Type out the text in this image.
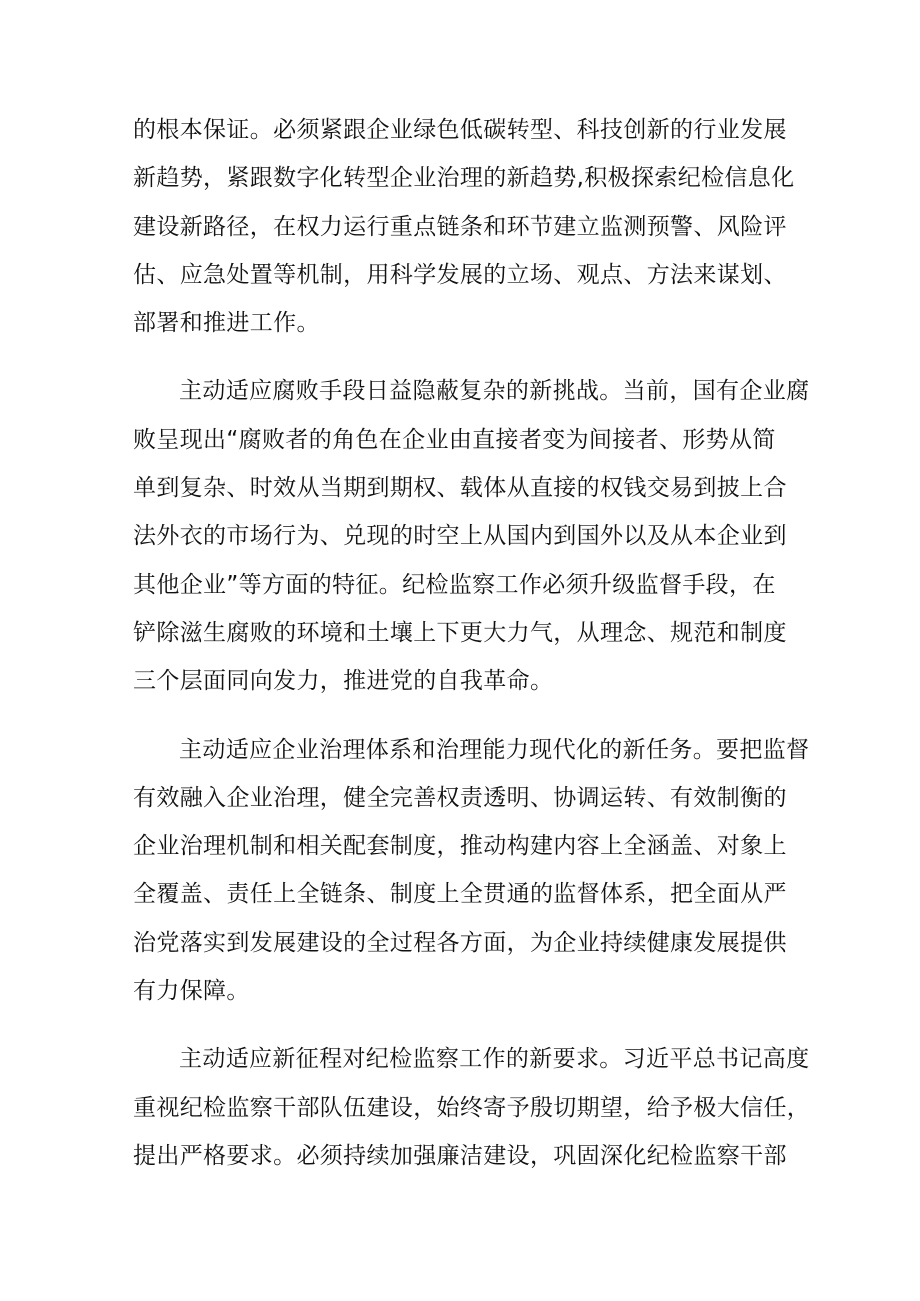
的根本保证。必须紧跟企业绿色低碳转型、科技创新的行业发展
新趋势，紧跟数字化转型企业治理的新趋势,积极探索纪检信息化
建设新路径，在权力运行重点链条和环节建立监测预警、风险评
估、应急处置等机制，用科学发展的立场、观点、方法来谋划、
部署和推进工作。

主动适应腐败手段日益隐蔽复杂的新挑战。当前，国有企业腐
败呈现出“腐败者的角色在企业由直接者变为间接者、形势从简
单到复杂、时效从当期到期权、载体从直接的权钱交易到披上合
法外衣的市场行为、兑现的时空上从国内到国外以及从本企业到
其他企业”等方面的特征。纪检监察工作必须升级监督手段，在
铲除滋生腐败的环境和土壤上下更大力气，从理念、规范和制度
三个层面同向发力，推进党的自我革命。

主动适应企业治理体系和治理能力现代化的新任务。要把监督
有效融入企业治理，健全完善权责透明、协调运转、有效制衡的
企业治理机制和相关配套制度，推动构建内容上全涵盖、对象上
全覆盖、责任上全链条、制度上全贯通的监督体系，把全面从严
治党落实到发展建设的全过程各方面，为企业持续健康发展提供
有力保障。

主动适应新征程对纪检监察工作的新要求。习近平总书记高度
重视纪检监察干部队伍建设，始终寄予殷切期望，给予极大信任，
提出严格要求。必须持续加强廉洁建设，巩固深化纪检监察干部
